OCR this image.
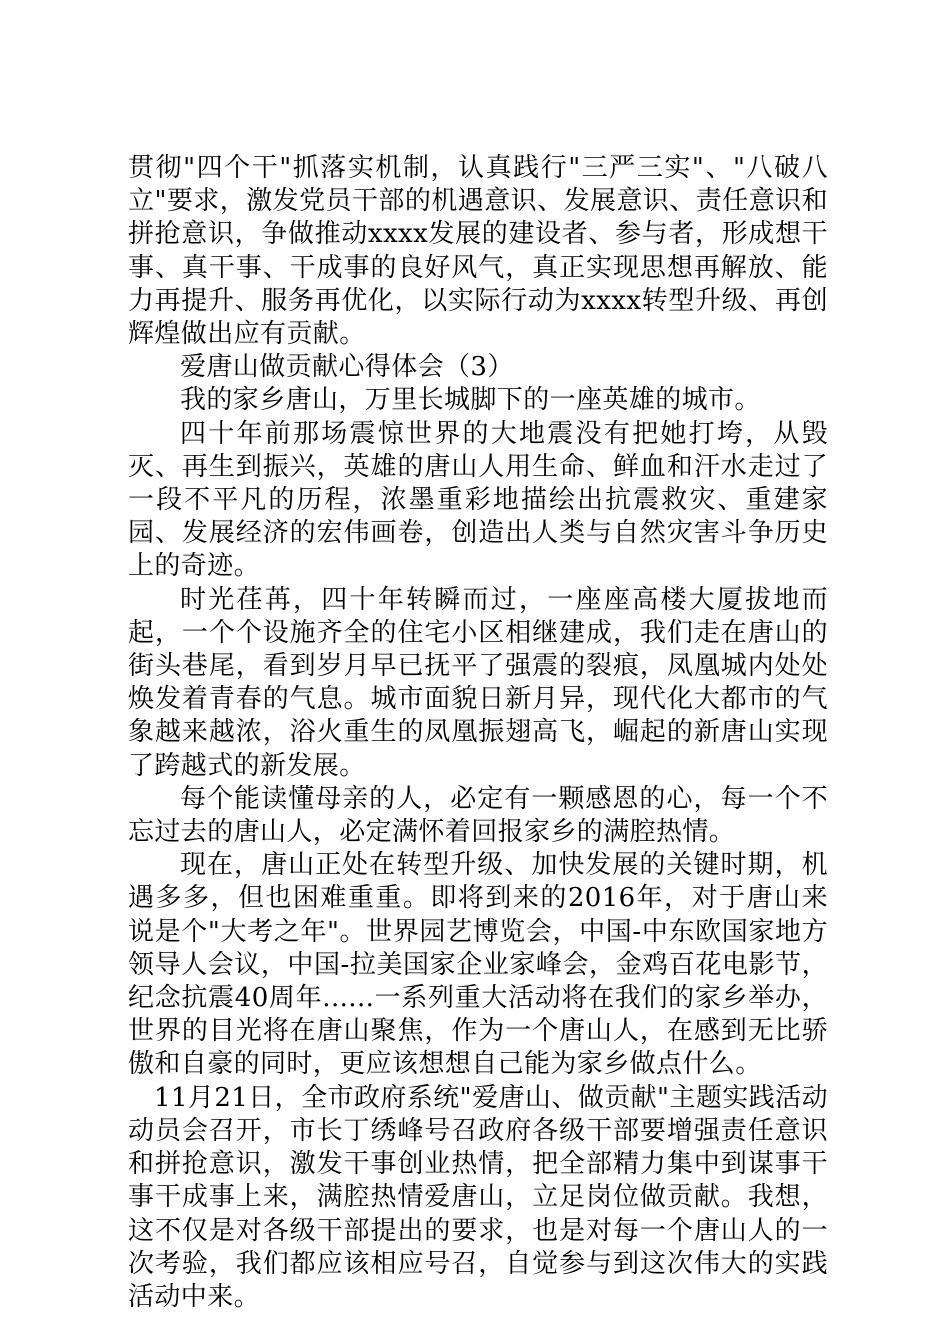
贯彻"四个干"抓落实机制，认真践行"三严三实"、"八破八立"要求，激发党员干部的机遇意识、发展意识、责任意识和拼抢意识，争做推动xxxx发展的建设者、参与者，形成想干事、真干事、干成事的良好风气，真正实现思想再解放、能力再提升、服务再优化，以实际行动为xxxx转型升级、再创辉煌做出应有贡献。

爱唐山做贡献心得体会（3）

我的家乡唐山，万里长城脚下的一座英雄的城市。

四十年前那场震惊世界的大地震没有把她打垮，从毁灭、再生到振兴，英雄的唐山人用生命、鲜血和汗水走过了一段不平凡的历程，浓墨重彩地描绘出抗震救灾、重建家园、发展经济的宏伟画卷，创造出人类与自然灾害斗争历史上的奇迹。

时光荏苒，四十年转瞬而过，一座座高楼大厦拔地而起，一个个设施齐全的住宅小区相继建成，我们走在唐山的街头巷尾，看到岁月早已抚平了强震的裂痕，凤凰城内处处焕发着青春的气息。城市面貌日新月异，现代化大都市的气象越来越浓，浴火重生的凤凰振翅高飞，崛起的新唐山实现了跨越式的新发展。

每个能读懂母亲的人，必定有一颗感恩的心，每一个不忘过去的唐山人，必定满怀着回报家乡的满腔热情。

现在，唐山正处在转型升级、加快发展的关键时期，机遇多多，但也困难重重。即将到来的2016年，对于唐山来说是个"大考之年"。世界园艺博览会，中国-中东欧国家地方领导人会议，中国-拉美国家企业家峰会，金鸡百花电影节，纪念抗震40周年......一系列重大活动将在我们的家乡举办，世界的目光将在唐山聚焦，作为一个唐山人，在感到无比骄傲和自豪的同时，更应该想想自己能为家乡做点什么。

11月21日，全市政府系统"爱唐山、做贡献"主题实践活动动员会召开，市长丁绣峰号召政府各级干部要增强责任意识和拼抢意识，激发干事创业热情，把全部精力集中到谋事干事干成事上来，满腔热情爱唐山，立足岗位做贡献。我想，这不仅是对各级干部提出的要求，也是对每一个唐山人的一次考验，我们都应该相应号召，自觉参与到这次伟大的实践活动中来。
